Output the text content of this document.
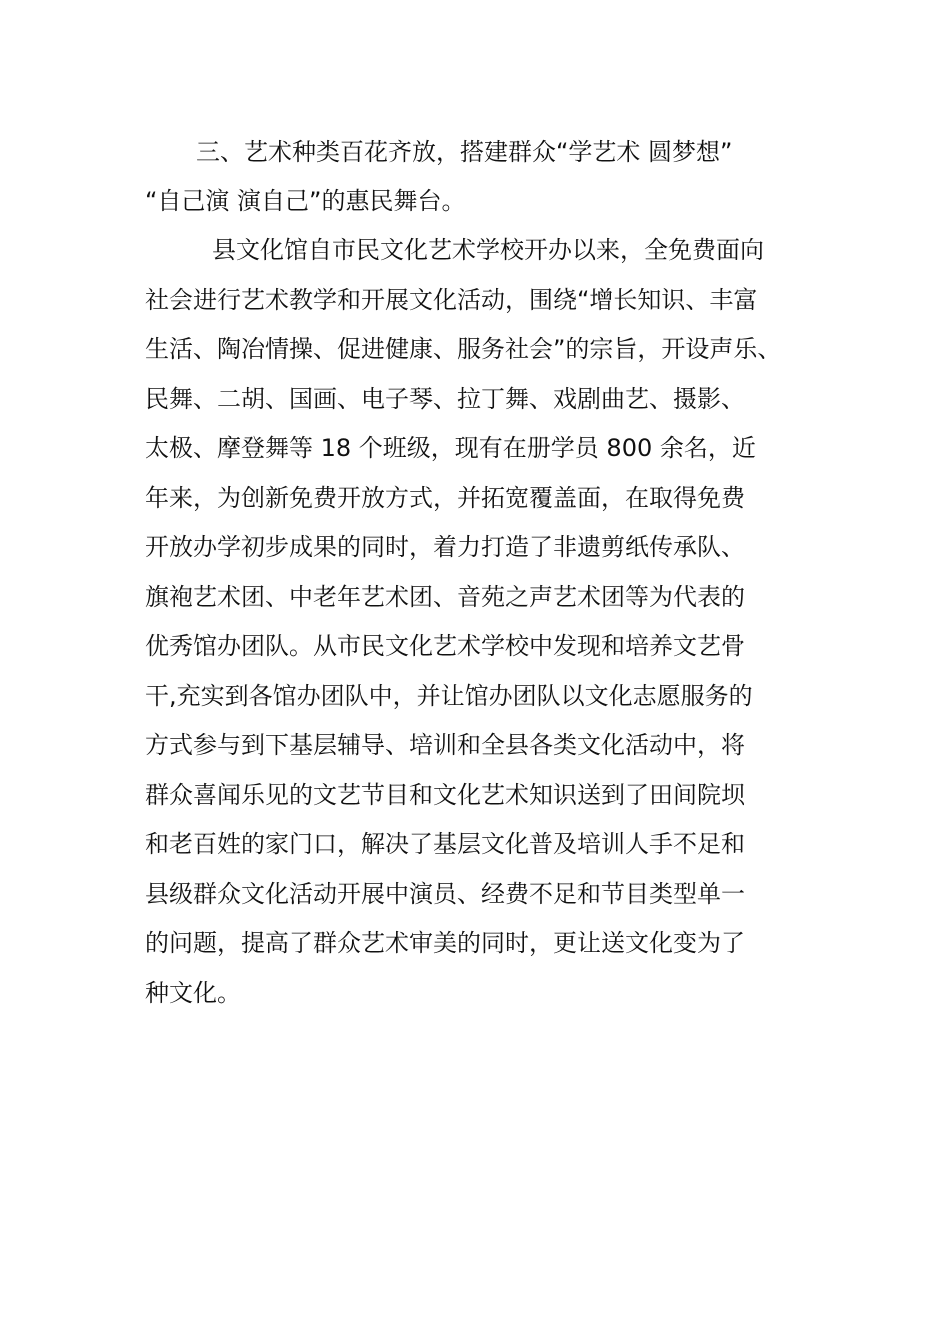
三、艺术种类百花齐放，搭建群众“学艺术 圆梦想”
“自己演 演自己”的惠民舞台。
县文化馆自市民文化艺术学校开办以来，全免费面向
社会进行艺术教学和开展文化活动，围绕“增长知识、丰富
生活、陶冶情操、促进健康、服务社会”的宗旨，开设声乐、
民舞、二胡、国画、电子琴、拉丁舞、戏剧曲艺、摄影、
太极、摩登舞等 18 个班级，现有在册学员 800 余名，近
年来，为创新免费开放方式，并拓宽覆盖面，在取得免费
开放办学初步成果的同时，着力打造了非遗剪纸传承队、
旗袍艺术团、中老年艺术团、音苑之声艺术团等为代表的
优秀馆办团队。从市民文化艺术学校中发现和培养文艺骨
干,充实到各馆办团队中，并让馆办团队以文化志愿服务的
方式参与到下基层辅导、培训和全县各类文化活动中，将
群众喜闻乐见的文艺节目和文化艺术知识送到了田间院坝
和老百姓的家门口，解决了基层文化普及培训人手不足和
县级群众文化活动开展中演员、经费不足和节目类型单一
的问题，提高了群众艺术审美的同时，更让送文化变为了
种文化。
